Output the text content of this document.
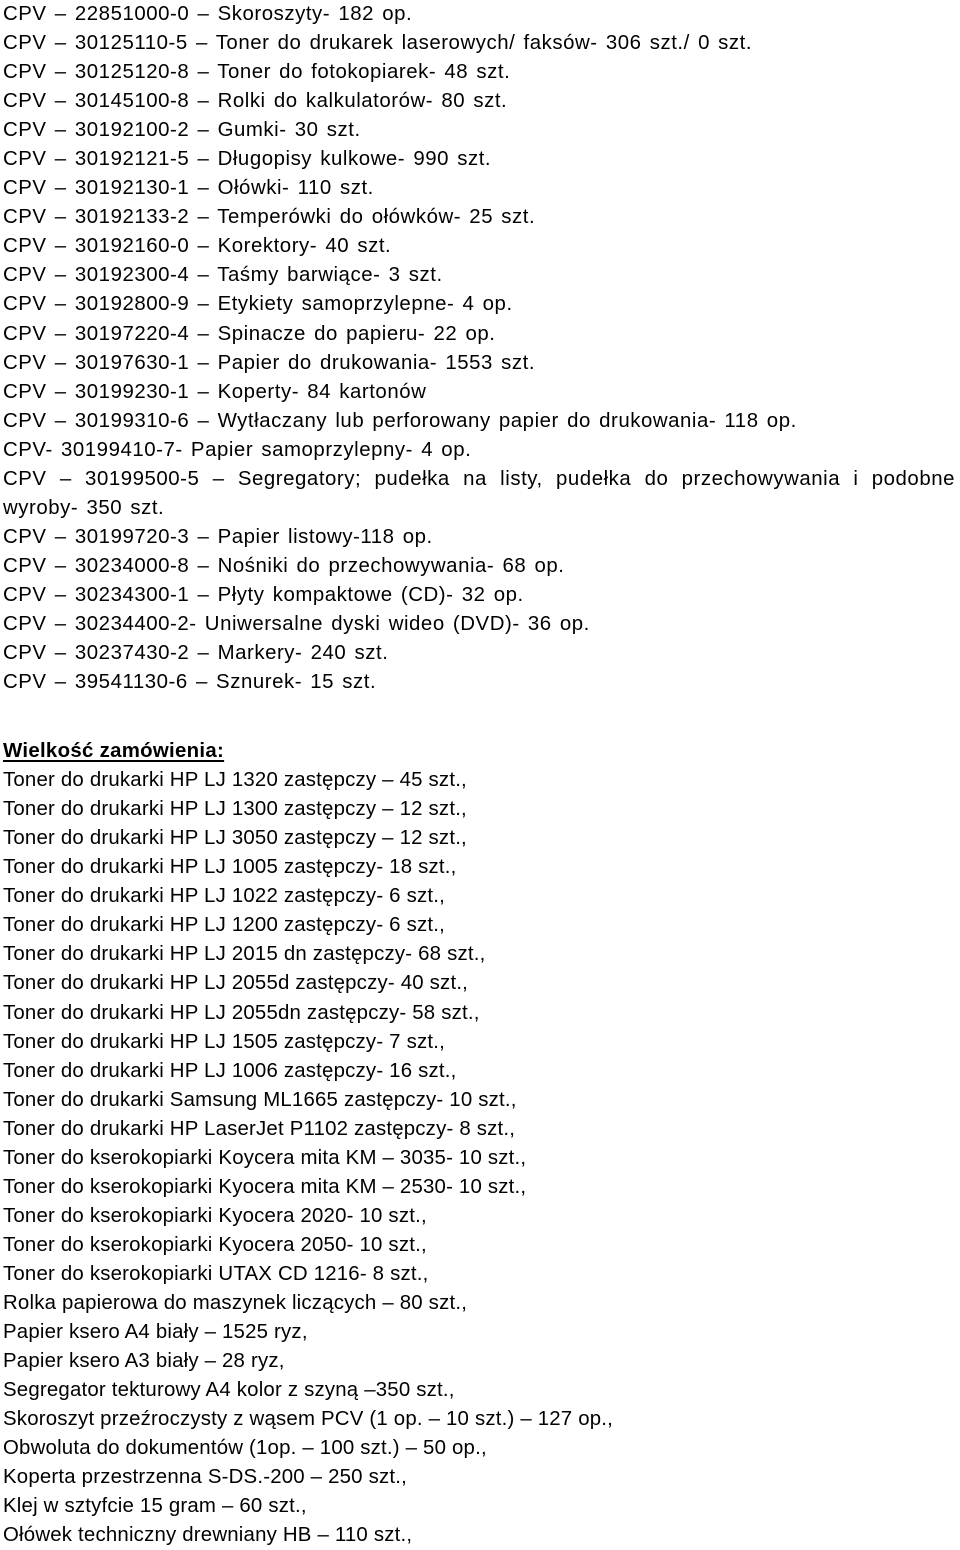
CPV – 22851000-0 – Skoroszyty- 182 op.
CPV – 30125110-5 – Toner do drukarek laserowych/ faksów- 306 szt./ 0 szt.
CPV – 30125120-8 – Toner do fotokopiarek- 48 szt.
CPV – 30145100-8 – Rolki do kalkulatorów- 80 szt.
CPV – 30192100-2 – Gumki- 30 szt.
CPV – 30192121-5 – Długopisy kulkowe- 990 szt.
CPV – 30192130-1 – Ołówki- 110 szt.
CPV – 30192133-2 – Temperówki do ołówków- 25 szt.
CPV – 30192160-0 – Korektory- 40 szt.
CPV – 30192300-4 – Taśmy barwiące- 3 szt.
CPV – 30192800-9 – Etykiety samoprzylepne- 4 op.
CPV – 30197220-4 – Spinacze do papieru- 22 op.
CPV – 30197630-1 – Papier do drukowania- 1553 szt.
CPV – 30199230-1 – Koperty- 84 kartonów
CPV – 30199310-6 – Wytłaczany lub perforowany papier do drukowania- 118 op.
CPV- 30199410-7- Papier samoprzylepny- 4 op.
CPV – 30199500-5 – Segregatory; pudełka na listy, pudełka do przechowywania i podobne wyroby- 350 szt.
CPV – 30199720-3 – Papier listowy-118 op.
CPV – 30234000-8 – Nośniki do przechowywania- 68 op.
CPV – 30234300-1 – Płyty kompaktowe (CD)- 32 op.
CPV – 30234400-2- Uniwersalne dyski wideo (DVD)- 36 op.
CPV – 30237430-2 – Markery- 240 szt.
CPV – 39541130-6 – Sznurek- 15 szt.
Wielkość zamówienia:
Toner do drukarki HP LJ 1320 zastępczy – 45 szt.,
Toner do drukarki HP LJ 1300 zastępczy – 12 szt.,
Toner do drukarki HP LJ 3050 zastępczy – 12 szt.,
Toner do drukarki HP LJ 1005 zastępczy- 18 szt.,
Toner do drukarki HP LJ 1022 zastępczy- 6 szt.,
Toner do drukarki HP LJ 1200 zastępczy- 6 szt.,
Toner do drukarki HP LJ 2015 dn zastępczy- 68 szt.,
Toner do drukarki HP LJ 2055d zastępczy- 40 szt.,
Toner do drukarki HP LJ 2055dn zastępczy- 58 szt.,
Toner do drukarki HP LJ 1505 zastępczy- 7 szt.,
Toner do drukarki HP LJ 1006 zastępczy- 16 szt.,
Toner do drukarki Samsung ML1665 zastępczy- 10 szt.,
Toner do drukarki HP LaserJet P1102 zastępczy- 8 szt.,
Toner do kserokopiarki Koycera mita KM – 3035- 10 szt.,
Toner do kserokopiarki Kyocera mita KM – 2530- 10 szt.,
Toner do kserokopiarki Kyocera 2020- 10 szt.,
Toner do kserokopiarki Kyocera 2050- 10 szt.,
Toner do kserokopiarki UTAX CD 1216- 8 szt.,
Rolka papierowa do maszynek liczących – 80 szt.,
Papier ksero A4 biały – 1525 ryz,
Papier ksero A3 biały – 28 ryz,
Segregator tekturowy A4 kolor z szyną –350 szt.,
Skoroszyt przeźroczysty z wąsem PCV (1 op. – 10 szt.) – 127 op.,
Obwoluta do dokumentów (1op. – 100 szt.) – 50 op.,
Koperta przestrzenna S-DS.-200 – 250 szt.,
Klej w sztyfcie 15 gram – 60 szt.,
Ołówek techniczny drewniany HB – 110 szt.,
